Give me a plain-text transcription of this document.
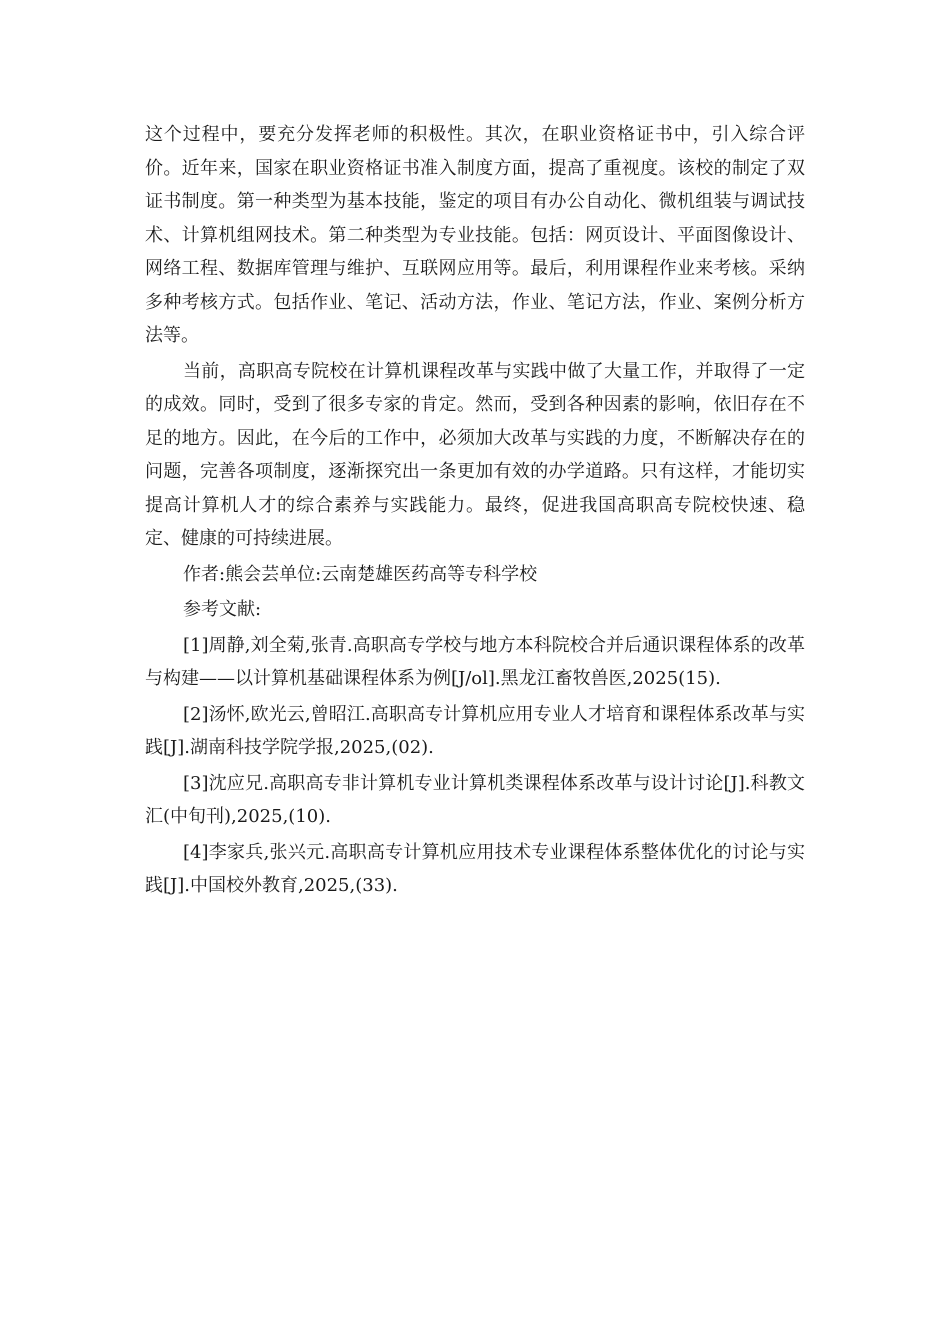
这个过程中，要充分发挥老师的积极性。其次，在职业资格证书中，引入综合评价。近年来，国家在职业资格证书准入制度方面，提高了重视度。该校的制定了双证书制度。第一种类型为基本技能，鉴定的项目有办公自动化、微机组装与调试技术、计算机组网技术。第二种类型为专业技能。包括：网页设计、平面图像设计、网络工程、数据库管理与维护、互联网应用等。最后，利用课程作业来考核。采纳多种考核方式。包括作业、笔记、活动方法，作业、笔记方法，作业、案例分析方法等。

当前，高职高专院校在计算机课程改革与实践中做了大量工作，并取得了一定的成效。同时，受到了很多专家的肯定。然而，受到各种因素的影响，依旧存在不足的地方。因此，在今后的工作中，必须加大改革与实践的力度，不断解决存在的问题，完善各项制度，逐渐探究出一条更加有效的办学道路。只有这样，才能切实提高计算机人才的综合素养与实践能力。最终，促进我国高职高专院校快速、稳定、健康的可持续进展。

作者:熊会芸单位:云南楚雄医药高等专科学校

参考文献:

[1]周静,刘全菊,张青.高职高专学校与地方本科院校合并后通识课程体系的改革与构建——以计算机基础课程体系为例[J/ol].黑龙江畜牧兽医,2025(15).

[2]汤怀,欧光云,曾昭江.高职高专计算机应用专业人才培育和课程体系改革与实践[J].湖南科技学院学报,2025,(02).

[3]沈应兄.高职高专非计算机专业计算机类课程体系改革与设计讨论[J].科教文汇(中旬刊),2025,(10).

[4]李家兵,张兴元.高职高专计算机应用技术专业课程体系整体优化的讨论与实践[J].中国校外教育,2025,(33).
